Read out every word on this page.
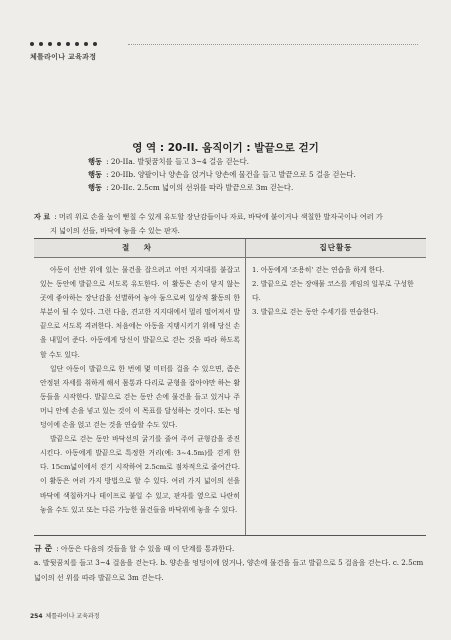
체틀라이나 교육과정
영 역 : 20-II. 움직이기 : 발끝으로 걷기
행동 : 20-IIa. 발뒷꿈치를 들고 3~4 걸음 걷는다.
행동 : 20-IIb. 양팔이나 양손을 얹거나 양손에 물건을 들고 발끝으로 5 걸음 걷는다.
행동 : 20-IIc. 2.5cm 넓이의 선위를 따라 발끝으로 3m 걷는다.
자 료 : 머리 위로 손을 높이 뻗칠 수 있게 유도할 장난감들이나 자료, 바닥에 붙이거나 색칠한 발자국이나 여러 가
지 넓이의 선들, 바닥에 놓을 수 있는 판자.
절 차	집단활동

아동이 선반 위에 있는 물건을 잡으려고 어떤 지지대를 붙잡고 있는 동안에 발끝으로 서도록 유도한다. 이 활동은 손이 닿지 않는 곳에 좋아하는 장난감을 선별하여 놓아 둠으로써 일상적 활동의 한 부분이 될 수 있다. 그런 다음, 견고한 지지대에서 멀리 떨어져서 발끝으로 서도록 격려한다. 처음에는 아동을 지탱시키기 위해 당신 손을 내밀어 준다. 아동에게 당신이 발끝으로 걷는 것을 따라 하도록 할 수도 있다.

일단 아동이 발끝으로 한 번에 몇 미터를 걸을 수 있으면, 좀은 안정된 자세를 취하게 해서 몸통과 다리로 균형을 잡아야만 하는 활동들을 시작한다. 발끝으로 걷는 동안 손에 물건을 들고 있거나 주머니 안에 손을 넣고 있는 것이 이 목표를 달성하는 것이다. 또는 엉덩이에 손을 얹고 걷는 것을 연습할 수도 있다.

발끝으로 걷는 동안 바닥선의 굵기를 줄여 주어 균형감을 증진시킨다. 아동에게 발끝으로 특정한 거리(예: 3~4.5m)를 걷게 한다. 15cm넓이에서 걷기 시작하여 2.5cm로 점차적으로 줄여간다. 이 활동은 여러 가지 방법으로 할 수 있다. 여러 가지 넓이의 선을 바닥에 색칠하거나 테이프로 붙일 수 있고, 판자를 옆으로 나란히 놓을 수도 있고 또는 다른 가능한 물건들을 바닥위에 놓을 수 있다.

1. 아동에게 '조용히' 걷는 연습을 하게 한다.

2. 발끝으로 걷는 장애물 코스를 게임의 일부로 구성한다.

3. 발끝으로 걷는 동안 수세기를 연습한다.

규 준 : 아동은 다음의 것들을 할 수 있을 때 이 단계를 통과한다.
a. 발뒷꿈치를 들고 3~4 걸음을 걷는다. b. 양손을 엉덩이에 얹거나, 양손에 물건을 들고 발끝으로 5 걸음을 걷는다. c. 2.5cm 넓이의 선 위를 따라 발끝으로 3m 걷는다.
254 체틀라이나 교육과정
